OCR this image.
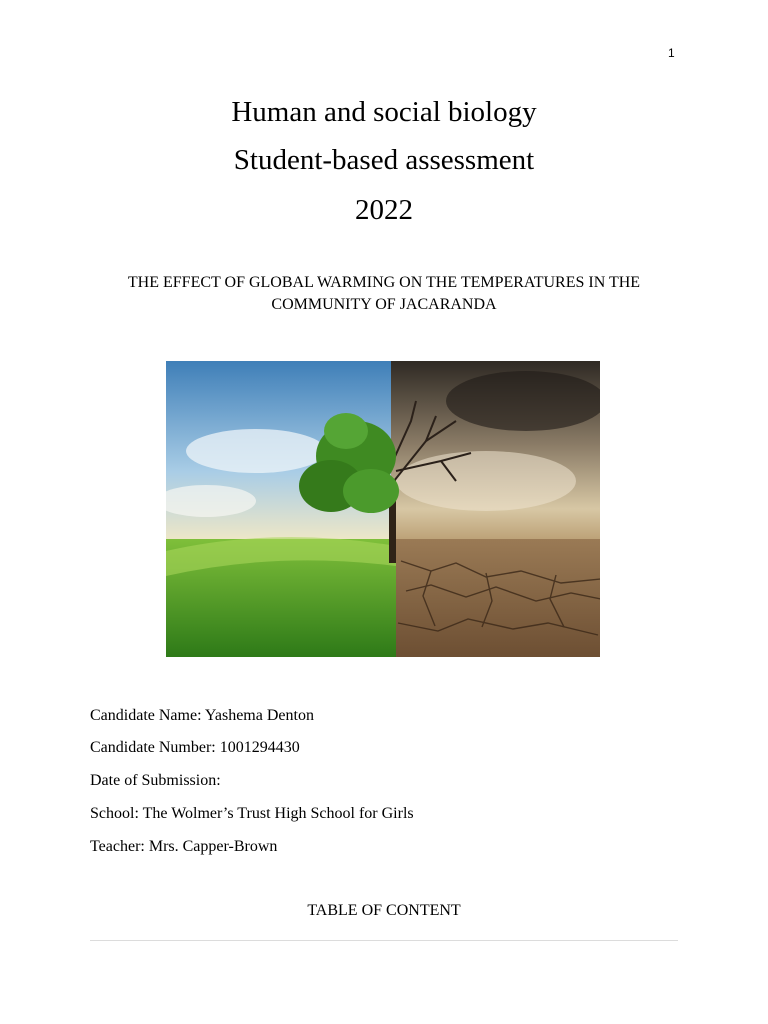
1
Human and social biology
Student-based assessment
2022
THE EFFECT OF GLOBAL WARMING ON THE TEMPERATURES IN THE COMMUNITY OF JACARANDA
Candidate Name: Yashema Denton
Candidate Number: 1001294430
Date of Submission:
School: The Wolmer’s Trust High School for Girls
Teacher: Mrs. Capper-Brown
TABLE OF CONTENT
